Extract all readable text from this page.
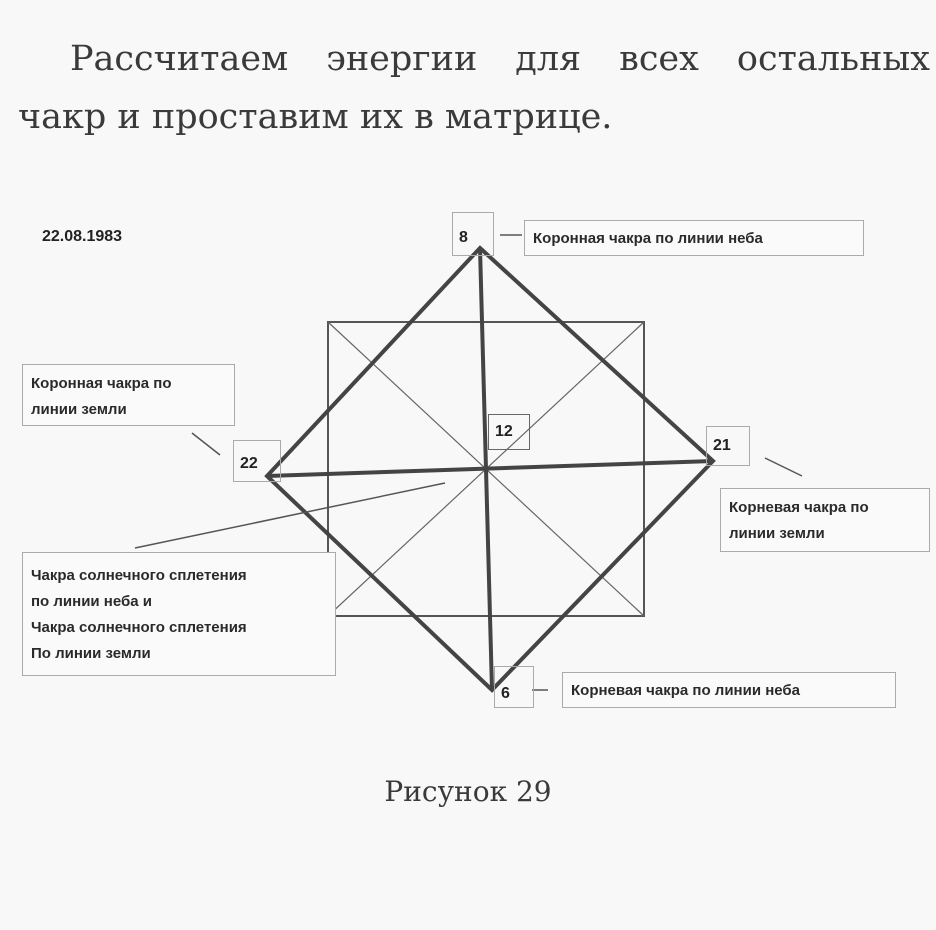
Рассчитаем энергии для всех остальных
чакр и проставим их в матрице.
22.08.1983	8
22
21
6
12
Коронная чакра по линии неба
Коронная чакра по
линии земли
Корневая чакра по
линии земли
Чакра солнечного сплетения
по линии неба и
Чакра солнечного сплетения
По линии земли
Корневая чакра по линии неба
Рисунок 29
